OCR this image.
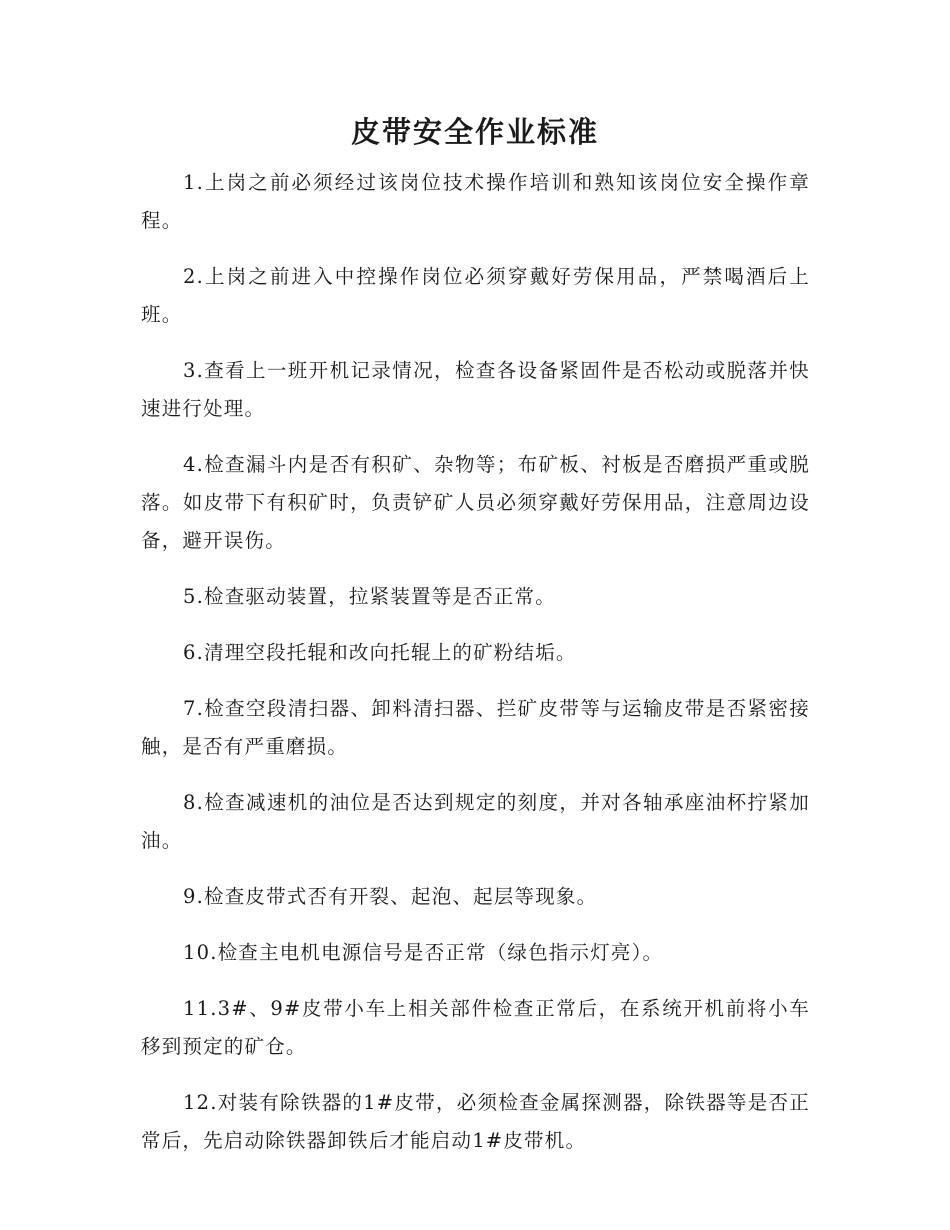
皮带安全作业标准

1.上岗之前必须经过该岗位技术操作培训和熟知该岗位安全操作章程。

2.上岗之前进入中控操作岗位必须穿戴好劳保用品，严禁喝酒后上班。

3.查看上一班开机记录情况，检查各设备紧固件是否松动或脱落并快速进行处理。

4.检查漏斗内是否有积矿、杂物等；布矿板、衬板是否磨损严重或脱落。如皮带下有积矿时，负责铲矿人员必须穿戴好劳保用品，注意周边设备，避开误伤。

5.检查驱动装置，拉紧装置等是否正常。

6.清理空段托辊和改向托辊上的矿粉结垢。

7.检查空段清扫器、卸料清扫器、拦矿皮带等与运输皮带是否紧密接触，是否有严重磨损。

8.检查减速机的油位是否达到规定的刻度，并对各轴承座油杯拧紧加油。

9.检查皮带式否有开裂、起泡、起层等现象。

10.检查主电机电源信号是否正常（绿色指示灯亮）。

11.3#、9#皮带小车上相关部件检查正常后，在系统开机前将小车移到预定的矿仓。

12.对装有除铁器的1#皮带，必须检查金属探测器，除铁器等是否正常后，先启动除铁器卸铁后才能启动1#皮带机。
